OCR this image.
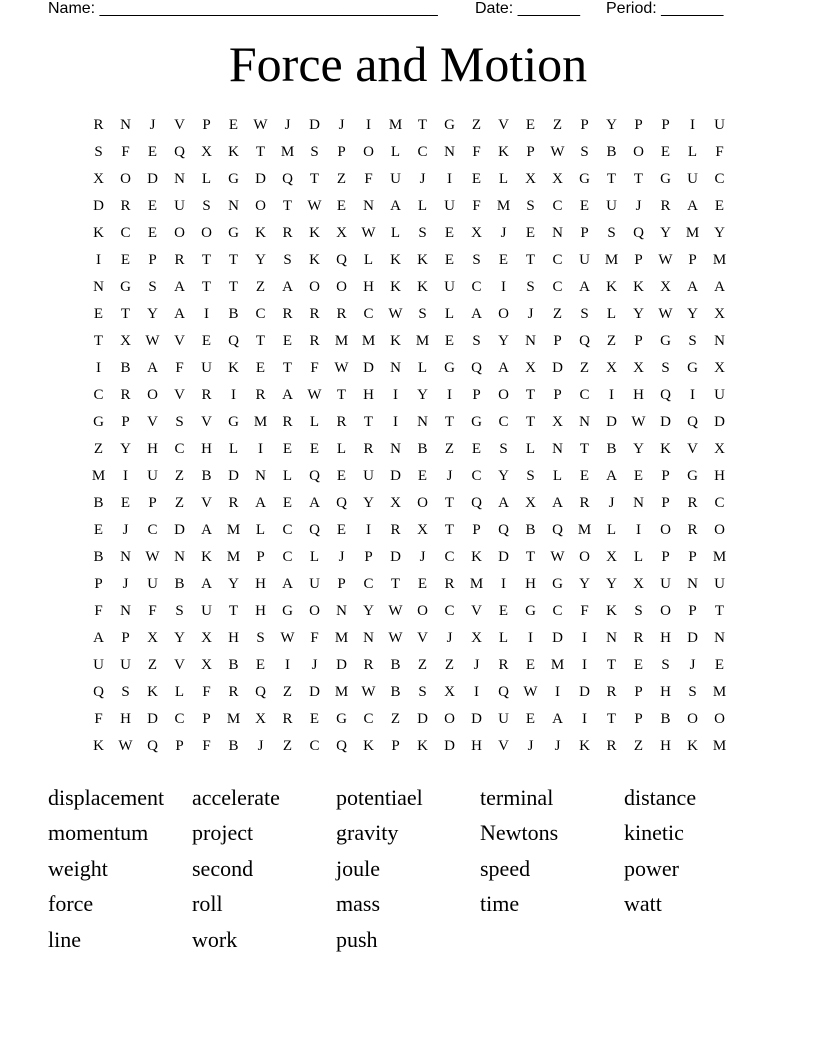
Name: ______________________________________

Date: _______

Period: _______

Force and Motion
R	N	J	V	P	E	W	J	D	J	I	M	T	G	Z	V	E	Z	P	Y	P	P	I	U
S	F	E	Q	X	K	T	M	S	P	O	L	C	N	F	K	P	W	S	B	O	E	L	F
X	O	D	N	L	G	D	Q	T	Z	F	U	J	I	E	L	X	X	G	T	T	G	U	C
D	R	E	U	S	N	O	T	W	E	N	A	L	U	F	M	S	C	E	U	J	R	A	E
K	C	E	O	O	G	K	R	K	X W	L	S	E	X	J	E	N	P	S	Q	Y M Y
I	E	P	R	T	T	Y	S	K	Q	L	K	K	E	S	E	T	C	U M	P	W	P	M
N	G	S	A	T	T	Z	A	O	O	H	K	K	U	C	I	S	C	A	K	K	X	A	A
E	T	Y	A	I	B	C	R	R	R	C W	S	L	A	O	J	Z	S	L	Y W Y	X
T	X W V	E	Q	T	E	R	M M K M	E	S	Y	N	P	Q	Z	P	G	S	N
I	B	A	F	U	K	E	T	F	W D	N	L	G	Q	A	X	D	Z	X	X	S	G	X
C	R	O	V	R	I	R	A W	T	H	I	Y	I	P	O	T	P	C	I	H	Q	I	U
G	P	V	S	V	G M	R	L	R	T	I	N	T	G	C	T	X	N	D W D	Q	D
Z	Y	H	C	H	L	I	E	E	L	R	N	B	Z	E	S	L	N	T	B	Y	K	V	X
M	I	U	Z	B	D	N	L	Q	E	U	D	E	J	C	Y	S	L	E	A	E	P	G	H
B	E	P	Z	V	R	A	E	A	Q	Y	X	O	T	Q	A	X	A	R	J	N	P	R	C
E	J	C	D	A M	L	C	Q	E	I	R	X	T	P	Q	B	Q M	L	I	O	R	O
B	N W N	K M	P	C	L	J	P	D	J	C	K	D	T	W O	X	L	P	P	M
P	J	U	B	A	Y	H	A	U	P	C	T	E	R	M	I	H	G	Y	Y	X	U	N	U
F	N	F	S	U	T	H	G	O	N	Y W O	C	V	E	G	C	F	K	S	O	P	T
A	P	X	Y	X	H	S	W	F	M N W V	J	X	L	I	D	I	N	R	H	D	N
U	U	Z	V	X	B	E	I	J	D	R	B	Z	Z	J	R	E	M	I	T	E	S	J	E
Q	S	K	L	F	R	Q	Z	D M W B	S	X	I	Q W	I	D	R	P	H	S	M
F	H	D	C	P	M X	R	E	G	C	Z	D	O	D	U	E	A	I	T	P	B	O	O
K W Q	P	F	B	J	Z	C	Q	K	P	K	D	H	V	J	J	K	R	Z	H	K M
displacement	accelerate	potentiael	terminal	distance
momentum	project	gravity	Newtons	kinetic
weight	second	joule	speed	power
force	roll	mass	time	watt
line	work	push
